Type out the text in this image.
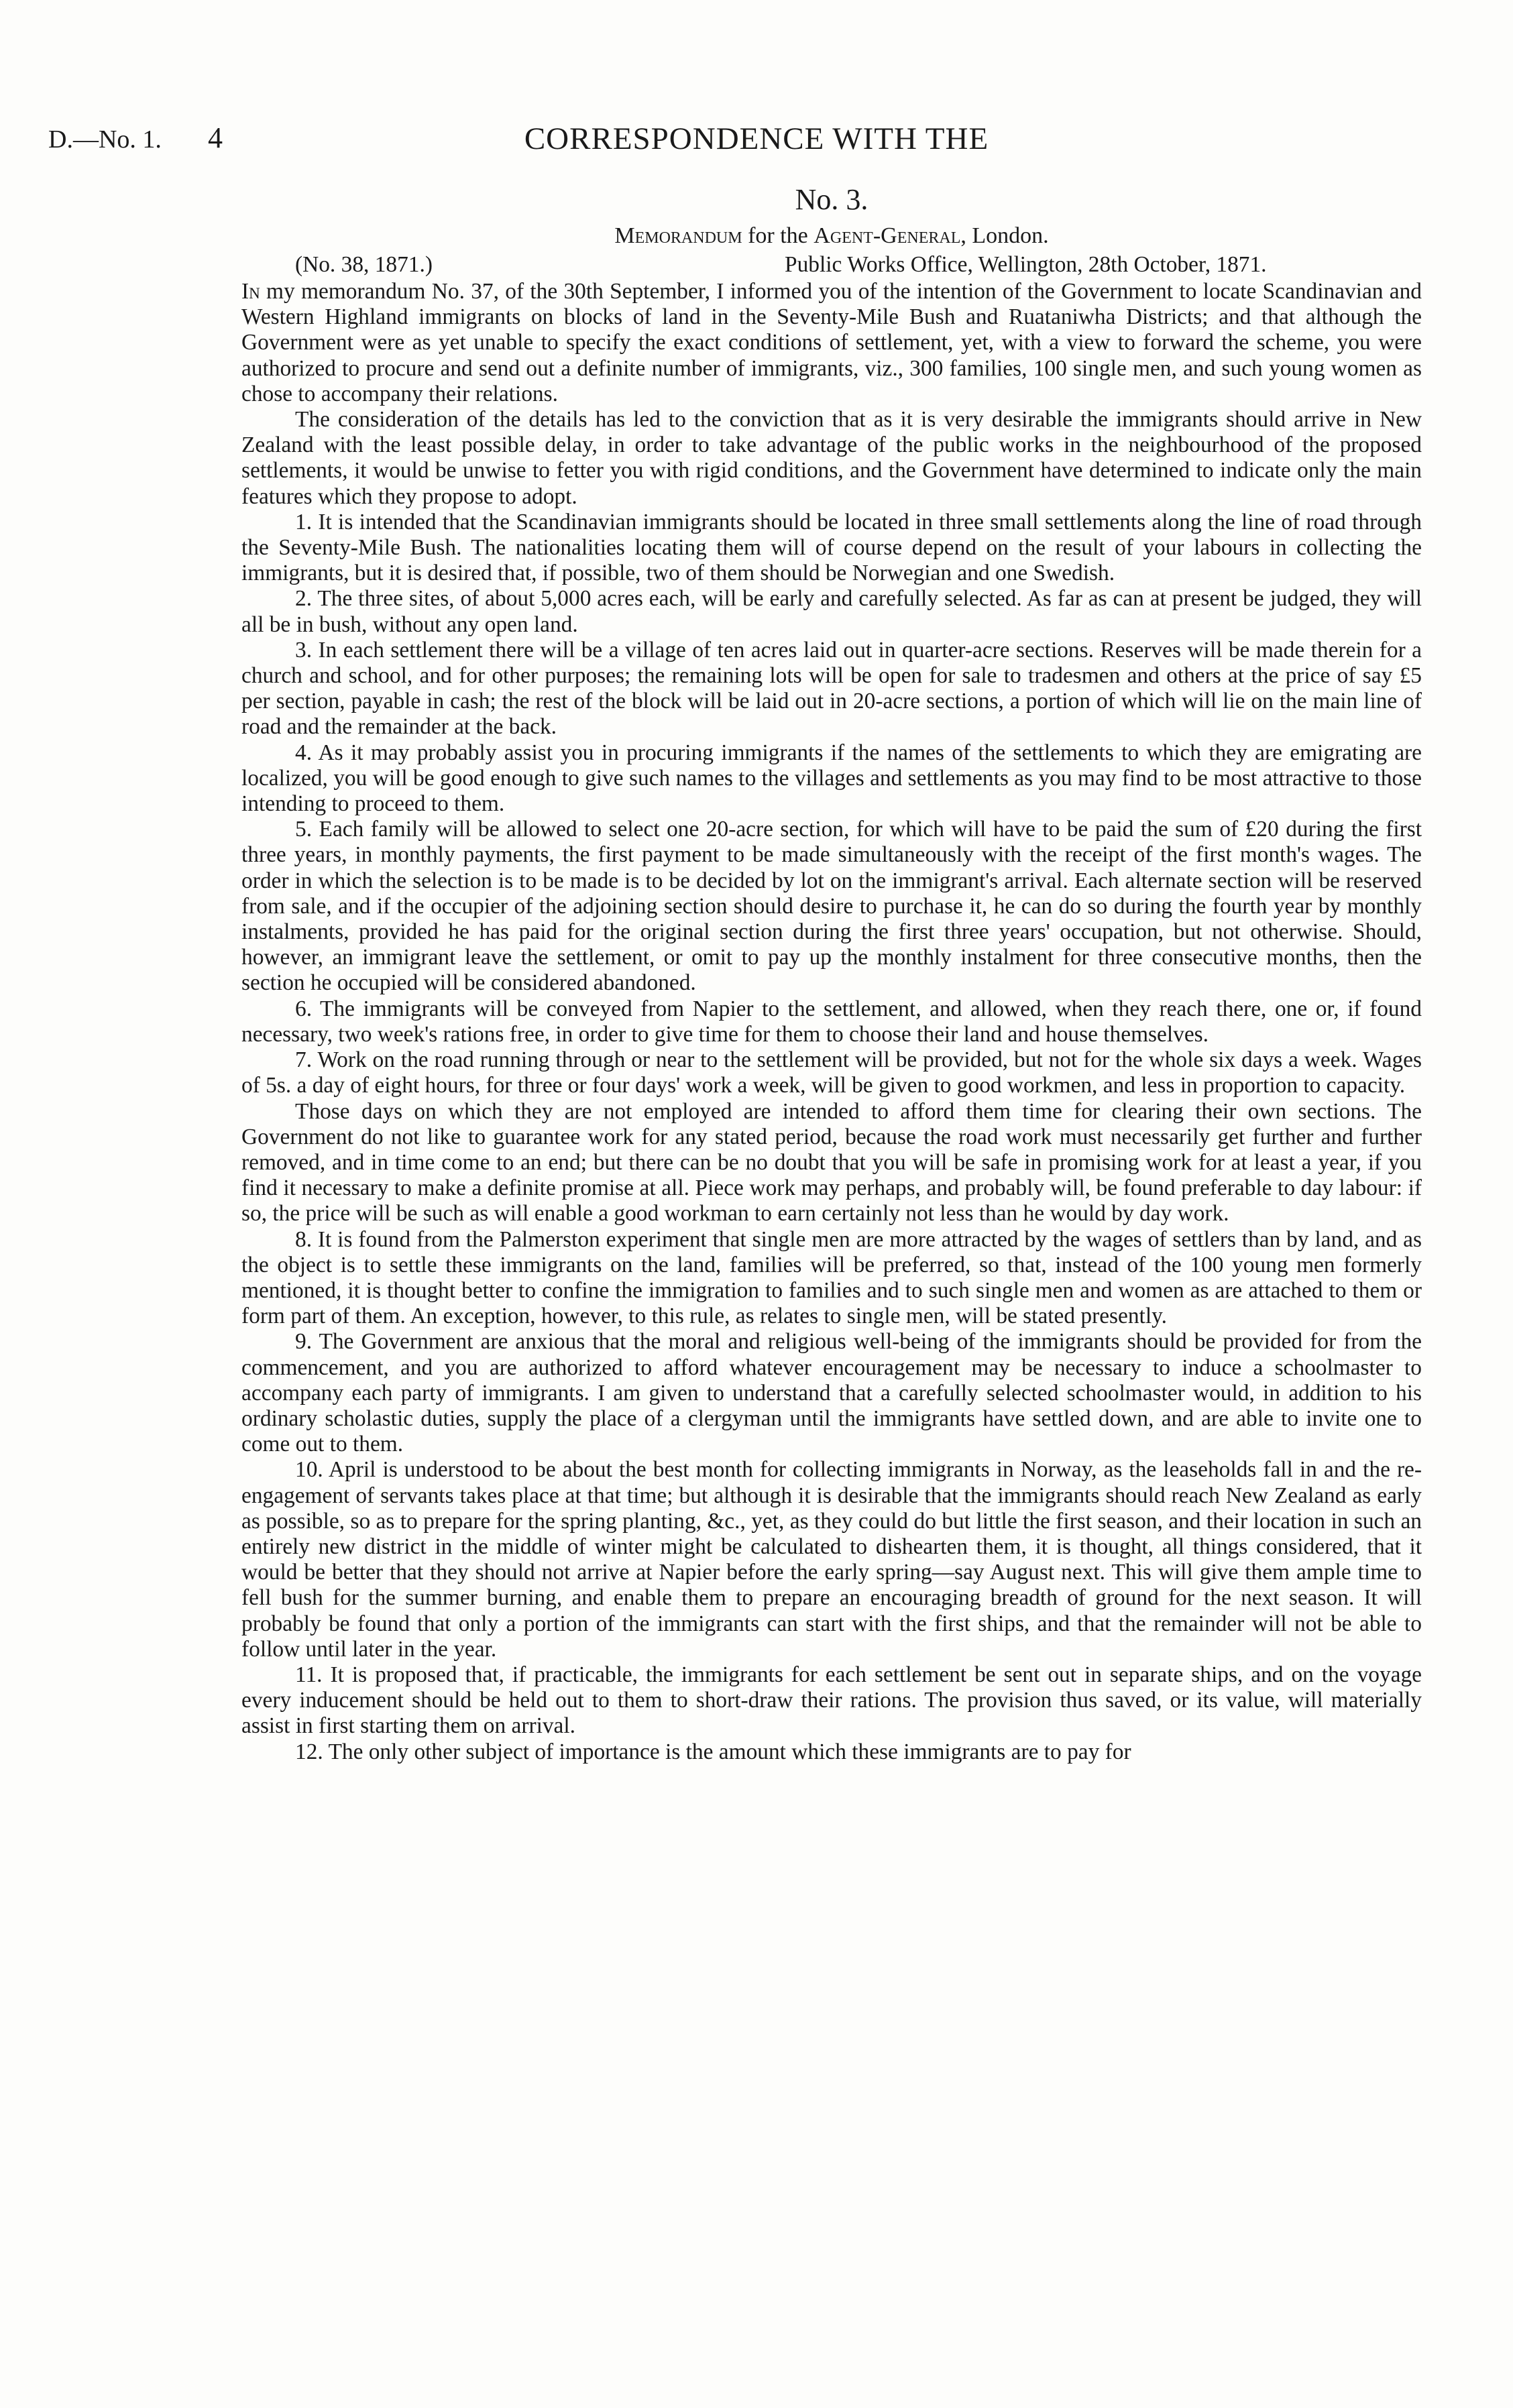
D.—No. 1. 4	CORRESPONDENCE WITH THE
No. 3.
Memorandum for the Agent-General, London.
(No. 38, 1871.)	Public Works Office, Wellington, 28th October, 1871.

In my memorandum No. 37, of the 30th September, I informed you of the intention of the Government to locate Scandinavian and Western Highland immigrants on blocks of land in the Seventy-Mile Bush and Ruataniwha Districts; and that although the Government were as yet unable to specify the exact conditions of settlement, yet, with a view to forward the scheme, you were authorized to procure and send out a definite number of immigrants, viz., 300 families, 100 single men, and such young women as chose to accompany their relations.

The consideration of the details has led to the conviction that as it is very desirable the immigrants should arrive in New Zealand with the least possible delay, in order to take advantage of the public works in the neighbourhood of the proposed settlements, it would be unwise to fetter you with rigid conditions, and the Government have determined to indicate only the main features which they propose to adopt.

1. It is intended that the Scandinavian immigrants should be located in three small settlements along the line of road through the Seventy-Mile Bush. The nationalities locating them will of course depend on the result of your labours in collecting the immigrants, but it is desired that, if possible, two of them should be Norwegian and one Swedish.

2. The three sites, of about 5,000 acres each, will be early and carefully selected. As far as can at present be judged, they will all be in bush, without any open land.

3. In each settlement there will be a village of ten acres laid out in quarter-acre sections. Reserves will be made therein for a church and school, and for other purposes; the remaining lots will be open for sale to tradesmen and others at the price of say £5 per section, payable in cash; the rest of the block will be laid out in 20-acre sections, a portion of which will lie on the main line of road and the remainder at the back.

4. As it may probably assist you in procuring immigrants if the names of the settlements to which they are emigrating are localized, you will be good enough to give such names to the villages and settlements as you may find to be most attractive to those intending to proceed to them.

5. Each family will be allowed to select one 20-acre section, for which will have to be paid the sum of £20 during the first three years, in monthly payments, the first payment to be made simultaneously with the receipt of the first month's wages. The order in which the selection is to be made is to be decided by lot on the immigrant's arrival. Each alternate section will be reserved from sale, and if the occupier of the adjoining section should desire to purchase it, he can do so during the fourth year by monthly instalments, provided he has paid for the original section during the first three years' occupation, but not otherwise. Should, however, an immigrant leave the settlement, or omit to pay up the monthly instalment for three consecutive months, then the section he occupied will be considered abandoned.

6. The immigrants will be conveyed from Napier to the settlement, and allowed, when they reach there, one or, if found necessary, two week's rations free, in order to give time for them to choose their land and house themselves.

7. Work on the road running through or near to the settlement will be provided, but not for the whole six days a week. Wages of 5s. a day of eight hours, for three or four days' work a week, will be given to good workmen, and less in proportion to capacity.

Those days on which they are not employed are intended to afford them time for clearing their own sections. The Government do not like to guarantee work for any stated period, because the road work must necessarily get further and further removed, and in time come to an end; but there can be no doubt that you will be safe in promising work for at least a year, if you find it necessary to make a definite promise at all. Piece work may perhaps, and probably will, be found preferable to day labour: if so, the price will be such as will enable a good workman to earn certainly not less than he would by day work.

8. It is found from the Palmerston experiment that single men are more attracted by the wages of settlers than by land, and as the object is to settle these immigrants on the land, families will be preferred, so that, instead of the 100 young men formerly mentioned, it is thought better to confine the immigration to families and to such single men and women as are attached to them or form part of them. An exception, however, to this rule, as relates to single men, will be stated presently.

9. The Government are anxious that the moral and religious well-being of the immigrants should be provided for from the commencement, and you are authorized to afford whatever encouragement may be necessary to induce a schoolmaster to accompany each party of immigrants. I am given to understand that a carefully selected schoolmaster would, in addition to his ordinary scholastic duties, supply the place of a clergyman until the immigrants have settled down, and are able to invite one to come out to them.

10. April is understood to be about the best month for collecting immigrants in Norway, as the leaseholds fall in and the re-engagement of servants takes place at that time; but although it is desirable that the immigrants should reach New Zealand as early as possible, so as to prepare for the spring planting, &c., yet, as they could do but little the first season, and their location in such an entirely new district in the middle of winter might be calculated to dishearten them, it is thought, all things considered, that it would be better that they should not arrive at Napier before the early spring—say August next. This will give them ample time to fell bush for the summer burning, and enable them to prepare an encouraging breadth of ground for the next season. It will probably be found that only a portion of the immigrants can start with the first ships, and that the remainder will not be able to follow until later in the year.

11. It is proposed that, if practicable, the immigrants for each settlement be sent out in separate ships, and on the voyage every inducement should be held out to them to short-draw their rations. The provision thus saved, or its value, will materially assist in first starting them on arrival.

12. The only other subject of importance is the amount which these immigrants are to pay for
